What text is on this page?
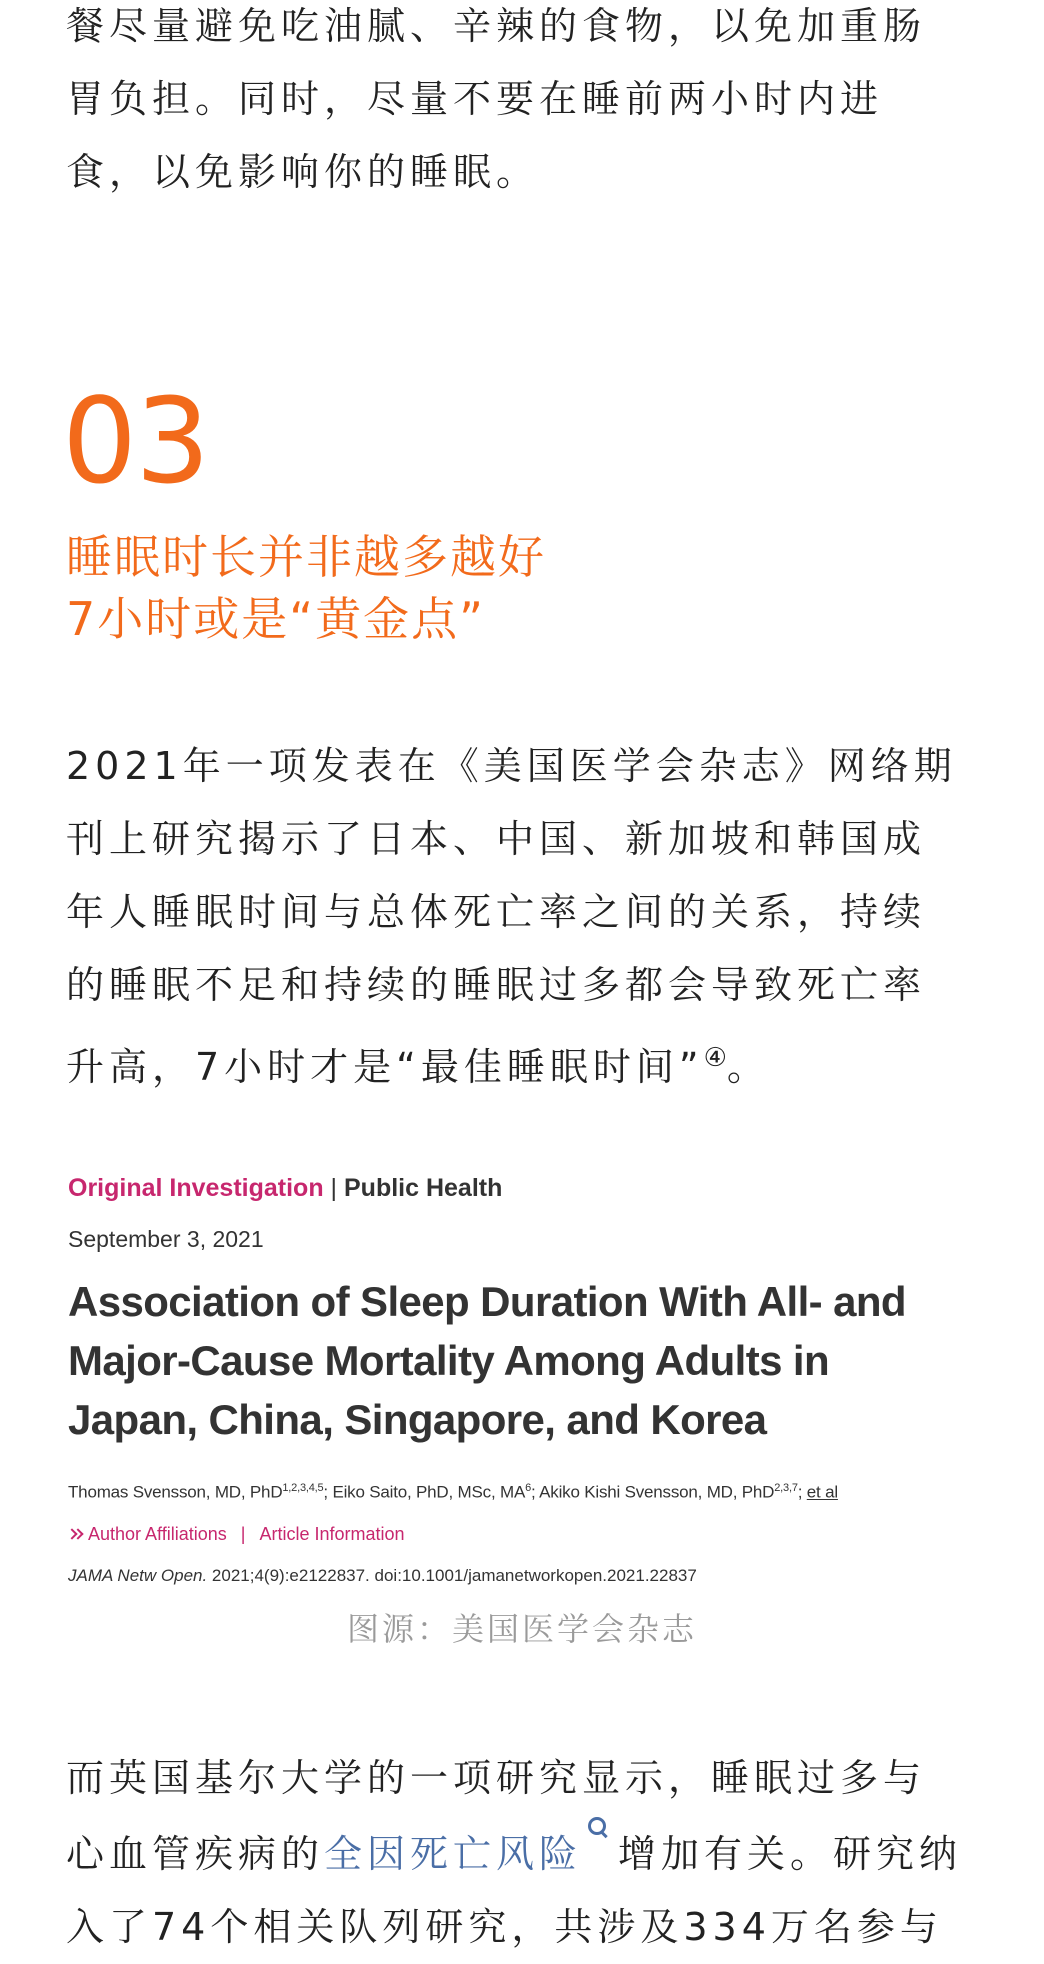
餐尽量避免吃油腻、辛辣的食物，以免加重肠
胃负担。同时，尽量不要在睡前两小时内进
食，以免影响你的睡眠。

03
睡眠时长并非越多越好
7小时或是“黄金点”

2021年一项发表在《美国医学会杂志》网络期
刊上研究揭示了日本、中国、新加坡和韩国成
年人睡眠时间与总体死亡率之间的关系，持续
的睡眠不足和持续的睡眠过多都会导致死亡率
升高，7小时才是“最佳睡眠时间”④。

Original Investigation | Public Health
September 3, 2021
Association of Sleep Duration With All- and
Major-Cause Mortality Among Adults in
Japan, China, Singapore, and Korea
Thomas Svensson, MD, PhD$^{1,2,3,4,5}$; Eiko Saito, PhD, MSc, $MA^6$; Akiko Kishi Svensson, MD, PhD$^{2,3,7}$; et al
Author Affiliations | Article Information
JAMA Netw Open. 2021;4(9):e2122837. doi:10.1001/jamanetworkopen.2021.22837
图源：美国医学会杂志

而英国基尔大学的一项研究显示，睡眠过多与
心血管疾病的全因死亡风险 增加有关。研究纳
入了74个相关队列研究，共涉及334万名参与
